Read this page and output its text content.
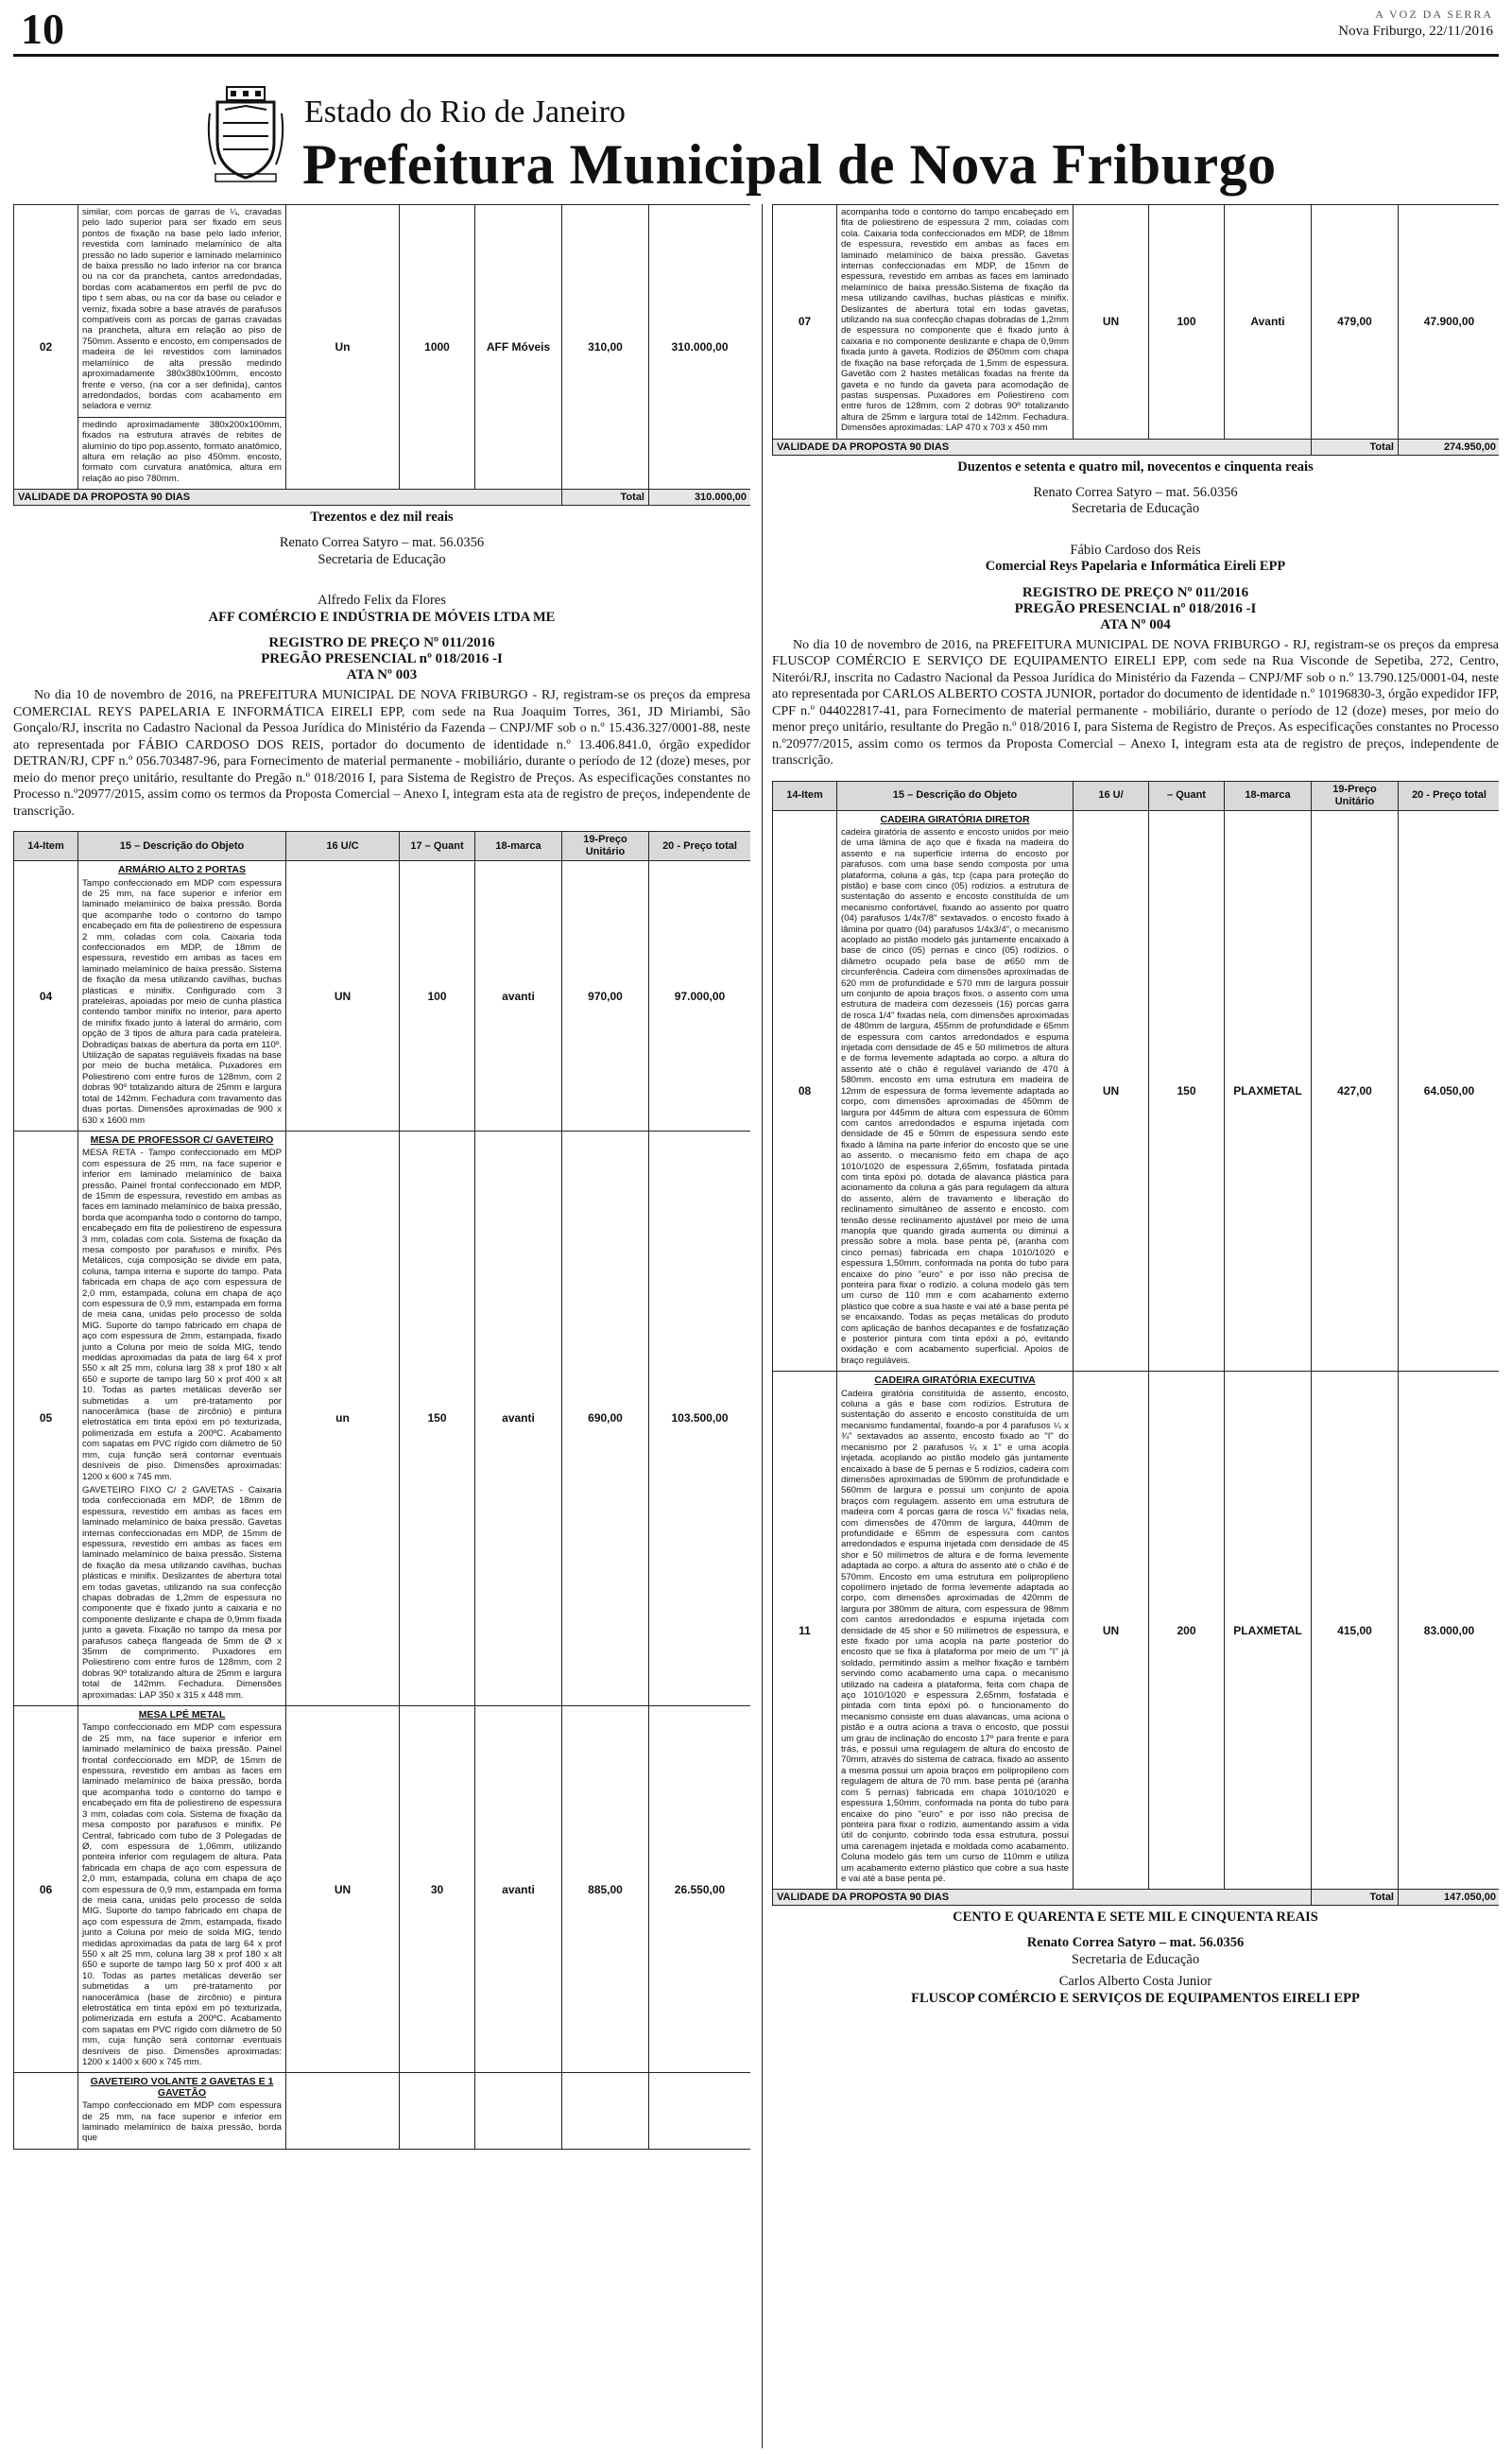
10	A VOZ DA SERRA
Nova Friburgo, 22/11/2016
Estado do Rio de Janeiro
Prefeitura Municipal de Nova Friburgo
02	similar, com porcas de garras de ¼, cravadas pelo lado superior para ser fixado em seus pontos de fixação na base pelo lado inferior, revestida com laminado melamínico de alta pressão no lado superior e laminado melamínico de baixa pressão no lado inferior na cor branca ou na cor da prancheta, cantos arredondadas, bordas com acabamentos em perfil de pvc do tipo t sem abas, ou na cor da base ou celador e verniz, fixada sobre a base através de parafusos compatíveis com as porcas de garras cravadas na prancheta, altura em relação ao piso de 750mm. Assento e encosto, em compensados de madeira de lei revestidos com laminados melamínico de alta pressão medindo aproximadamente 380x380x100mm, encosto frente e verso, (na cor a ser definida), cantos arredondados, bordas com acabamento em seladora e verniz	Un	1000	AFF Móveis	310,00	310.000,00

	medindo aproximadamente 380x200x100mm, fixados na estrutura através de rebites de alumínio do tipo pop.assento, formato anatômico, altura em relação ao piso 450mm. encosto, formato com curvatura anatômica, altura em relação ao piso 780mm.					

VALIDADE DA PROPOSTA 90 DIAS					Total	310.000,00
Trezentos e dez mil reais
Renato Correa Satyro – mat. 56.0356
Secretaria de Educação
Alfredo Felix da Flores
AFF COMÉRCIO E INDÚSTRIA DE MÓVEIS LTDA ME
REGISTRO DE PREÇO Nº 011/2016
PREGÃO PRESENCIAL nº 018/2016 -I
ATA Nº 003

No dia 10 de novembro de 2016, na PREFEITURA MUNICIPAL DE NOVA FRIBURGO - RJ, registram-se os preços da empresa COMERCIAL REYS PAPELARIA E INFORMÁTICA EIRELI EPP, com sede na Rua Joaquim Torres, 361, JD Miriambi, São Gonçalo/RJ, inscrita no Cadastro Nacional da Pessoa Jurídica do Ministério da Fazenda – CNPJ/MF sob o n.º 15.436.327/0001-88, neste ato representada por FÁBIO CARDOSO DOS REIS, portador do documento de identidade n.º 13.406.841.0, órgão expedidor DETRAN/RJ, CPF n.º 056.703487-96, para Fornecimento de material permanente - mobiliário, durante o período de 12 (doze) meses, por meio do menor preço unitário, resultante do Pregão n.º 018/2016 I, para Sistema de Registro de Preços. As especificações constantes no Processo n.º20977/2015, assim como os termos da Proposta Comercial – Anexo I, integram esta ata de registro de preços, independente de transcrição.

14-Item	15 – Descrição do Objeto	16 U/C	17 – Quant	18-marca	19-Preço Unitário	20 - Preço total
04	ARMÁRIO ALTO 2 PORTAS

Tampo confeccionado em MDP com espessura de 25 mm, na face superior e inferior em laminado melamínico de baixa pressão. Borda que acompanhe todo o contorno do tampo encabeçado em fita de poliestireno de espessura 2 mm, coladas com cola. Caixaria toda confeccionados em MDP, de 18mm de espessura, revestido em ambas as faces em laminado melamínico de baixa pressão. Sistema de fixação da mesa utilizando cavilhas, buchas plásticas e minifix. Configurado com 3 prateleiras, apoiadas por meio de cunha plástica contendo tambor minifix no interior, para aperto de minifix fixado junto à lateral do armário, com opção de 3 tipos de altura para cada prateleira. Dobradiças baixas de abertura da porta em 110º. Utilização de sapatas reguláveis fixadas na base por meio de bucha metálica. Puxadores em Poliestireno com entre furos de 128mm, com 2 dobras 90º totalizando altura de 25mm e largura total de 142mm. Fechadura com travamento das duas portas. Dimensões aproximadas de 900 x 630 x 1600 mm	UN	100	avanti	970,00	97.000,00
05	MESA DE PROFESSOR C/ GAVETEIRO

MESA RETA - Tampo confeccionado em MDP com espessura de 25 mm, na face superior e inferior em laminado melamínico de baixa pressão. Painel frontal confeccionado em MDP, de 15mm de espessura, revestido em ambas as faces em laminado melamínico de baixa pressão, borda que acompanha todo o contorno do tampo, encabeçado em fita de poliestireno de espessura 3 mm, coladas com cola. Sistema de fixação da mesa composto por parafusos e minifix. Pés Metálicos, cuja composição se divide em pata, coluna, tampa interna e suporte do tampo. Pata fabricada em chapa de aço com espessura de 2,0 mm, estampada, coluna em chapa de aço com espessura de 0,9 mm, estampada em forma de meia cana, unidas pelo processo de solda MIG. Suporte do tampo fabricado em chapa de aço com espessura de 2mm, estampada, fixado junto a Coluna por meio de solda MIG, tendo medidas aproximadas da pata de larg 64 x prof 550 x alt 25 mm, coluna larg 38 x prof 180 x alt 650 e suporte de tampo larg 50 x prof 400 x alt 10. Todas as partes metálicas deverão ser submetidas a um pré-tratamento por nanocerâmica (base de zircônio) e pintura eletrostática em tinta epóxi em pó texturizada, polimerizada em estufa a 200ºC. Acabamento com sapatas em PVC rígido com diâmetro de 50 mm, cuja função será contornar eventuais desníveis de piso. Dimensões aproximadas: 1200 x 600 x 745 mm.

GAVETEIRO FIXO C/ 2 GAVETAS - Caixaria toda confeccionada em MDP, de 18mm de espessura, revestido em ambas as faces em laminado melamínico de baixa pressão. Gavetas internas confeccionadas em MDP, de 15mm de espessura, revestido em ambas as faces em laminado melamínico de baixa pressão. Sistema de fixação da mesa utilizando cavilhas, buchas plásticas e minifix. Deslizantes de abertura total em todas gavetas, utilizando na sua confecção chapas dobradas de 1,2mm de espessura no componente que é fixado junto a caixaria e no componente deslizante e chapa de 0,9mm fixada junto a gaveta. Fixação no tampo da mesa por parafusos cabeça flangeada de 5mm de Ø x 35mm de comprimento. Puxadores em Poliestireno com entre furos de 128mm, com 2 dobras 90º totalizando altura de 25mm e largura total de 142mm. Fechadura. Dimensões aproximadas: LAP 350 x 315 x 448 mm.	un	150	avanti	690,00	103.500,00
06	MESA LPÉ METAL

Tampo confeccionado em MDP com espessura de 25 mm, na face superior e inferior em laminado melamínico de baixa pressão. Painel frontal confeccionado em MDP, de 15mm de espessura, revestido em ambas as faces em laminado melamínico de baixa pressão, borda que acompanha todo o contorno do tampo e encabeçado em fita de poliestireno de espessura 3 mm, coladas com cola. Sistema de fixação da mesa composto por parafusos e minifix. Pé Central, fabricado com tubo de 3 Polegadas de Ø, com espessura de 1,06mm, utilizando ponteira inferior com regulagem de altura. Pata fabricada em chapa de aço com espessura de 2,0 mm, estampada, coluna em chapa de aço com espessura de 0,9 mm, estampada em forma de meia cana, unidas pelo processo de solda MIG. Suporte do tampo fabricado em chapa de aço com espessura de 2mm, estampada, fixado junto a Coluna por meio de solda MIG, tendo medidas aproximadas da pata de larg 64 x prof 550 x alt 25 mm, coluna larg 38 x prof 180 x alt 650 e suporte de tampo larg 50 x prof 400 x alt 10. Todas as partes metálicas deverão ser submetidas a um pré-tratamento por nanocerâmica (base de zircônio) e pintura eletrostática em tinta epóxi em pó texturizada, polimerizada em estufa a 200ºC. Acabamento com sapatas em PVC rígido com diâmetro de 50 mm, cuja função será contornar eventuais desníveis de piso. Dimensões aproximadas: 1200 x 1400 x 600 x 745 mm.	UN	30	avanti	885,00	26.550,00

	GAVETEIRO VOLANTE 2 GAVETAS E 1 GAVETÃO

Tampo confeccionado em MDP com espessura de 25 mm, na face superior e inferior em laminado melamínico de baixa pressão, borda que					

07	acompanha todo o contorno do tampo encabeçado em fita de poliestireno de espessura 2 mm, coladas com cola. Caixaria toda confeccionados em MDP, de 18mm de espessura, revestido em ambas as faces em laminado melamínico de baixa pressão. Gavetas internas confeccionadas em MDP, de 15mm de espessura, revestido em ambas as faces em laminado melamínico de baixa pressão.Sistema de fixação da mesa utilizando cavilhas, buchas plásticas e minifix. Deslizantes de abertura total em todas gavetas, utilizando na sua confecção chapas dobradas de 1,2mm de espessura no componente que é fixado junto à caixaria e no componente deslizante e chapa de 0,9mm fixada junto à gaveta. Rodízios de Ø50mm com chapa de fixação na base reforçada de 1,5mm de espessura. Gavetão com 2 hastes metálicas fixadas na frente da gaveta e no fundo da gaveta para acomodação de pastas suspensas. Puxadores em Poliestireno com entre furos de 128mm, com 2 dobras 90º totalizando altura de 25mm e largura total de 142mm. Fechadura. Dimensões aproximadas: LAP 470 x 703 x 450 mm	UN	100	Avanti	479,00	47.900,00
VALIDADE DA PROPOSTA 90 DIAS					Total	274.950,00
Duzentos e setenta e quatro mil, novecentos e cinquenta reais
Renato Correa Satyro – mat. 56.0356
Secretaria de Educação
Fábio Cardoso dos Reis
Comercial Reys Papelaria e Informática Eireli EPP
REGISTRO DE PREÇO Nº 011/2016
PREGÃO PRESENCIAL nº 018/2016 -I
ATA Nº 004

No dia 10 de novembro de 2016, na PREFEITURA MUNICIPAL DE NOVA FRIBURGO - RJ, registram-se os preços da empresa FLUSCOP COMÉRCIO E SERVIÇO DE EQUIPAMENTO EIRELI EPP, com sede na Rua Visconde de Sepetiba, 272, Centro, Niterói/RJ, inscrita no Cadastro Nacional da Pessoa Jurídica do Ministério da Fazenda – CNPJ/MF sob o n.º 13.790.125/0001-04, neste ato representada por CARLOS ALBERTO COSTA JUNIOR, portador do documento de identidade n.º 10196830-3, órgão expedidor IFP, CPF n.º 044022817-41, para Fornecimento de material permanente - mobiliário, durante o período de 12 (doze) meses, por meio do menor preço unitário, resultante do Pregão n.º 018/2016 I, para Sistema de Registro de Preços. As especificações constantes no Processo n.º20977/2015, assim como os termos da Proposta Comercial – Anexo I, integram esta ata de registro de preços, independente de transcrição.

14-Item	15 – Descrição do Objeto	16 U/	– Quant	18-marca	19-Preço Unitário	20 - Preço total
08	CADEIRA GIRATÓRIA DIRETOR

cadeira giratória de assento e encosto unidos por meio de uma lâmina de aço que é fixada na madeira do assento e na superfície interna do encosto por parafusos. com uma base sendo composta por uma plataforma, coluna a gás, tcp (capa para proteção do pistão) e base com cinco (05) rodízios. a estrutura de sustentação do assento e encosto constituída de um mecanismo confortável, fixando ao assento por quatro (04) parafusos 1/4x7/8" sextavados. o encosto fixado à lâmina por quatro (04) parafusos 1/4x3/4", o mecanismo acoplado ao pistão modelo gás juntamente encaixado à base de cinco (05) pernas e cinco (05) rodízios. o diâmetro ocupado pela base de ø650 mm de circunferência. Cadeira com dimensões aproximadas de 620 mm de profundidade e 570 mm de largura possuir um conjunto de apoia braços fixos. o assento com uma estrutura de madeira com dezesseis (16) porcas garra de rosca 1/4" fixadas nela, com dimensões aproximadas de 480mm de largura, 455mm de profundidade e 65mm de espessura com cantos arredondados e espuma injetada com densidade de 45 e 50 milímetros de altura e de forma levemente adaptada ao corpo. a altura do assento até o chão é regulável variando de 470 à 580mm. encosto em uma estrutura em madeira de 12mm de espessura de forma levemente adaptada ao corpo, com dimensões aproximadas de 450mm de largura por 445mm de altura com espessura de 60mm com cantos arredondados e espuma injetada com densidade de 45 e 50mm de espessura sendo este fixado à lâmina na parte inferior do encosto que se une ao assento. o mecanismo feito em chapa de aço 1010/1020 de espessura 2,65mm, fosfatada pintada com tinta epóxi pó. dotada de alavanca plástica para acionamento da coluna a gás para regulagem da altura do assento, além de travamento e liberação do reclinamento simultâneo de assento e encosto. com tensão desse reclinamento ajustável por meio de uma manopla que quando girada aumenta ou diminui a pressão sobre a mola. base penta pé, (aranha com cinco pernas) fabricada em chapa 1010/1020 e espessura 1,50mm, conformada na ponta do tubo para encaixe do pino "euro" e por isso não precisa de ponteira para fixar o rodízio. a coluna modelo gás tem um curso de 110 mm e com acabamento externo plástico que cobre a sua haste e vai até a base penta pé se encaixando. Todas as peças metálicas do produto com aplicação de banhos decapantes e de fosfatização e posterior pintura com tinta epóxi a pó, evitando oxidação e com acabamento superficial. Apoios de braço reguláveis.	UN	150	PLAXMETAL	427,00	64.050,00
11	CADEIRA GIRATÓRIA EXECUTIVA

Cadeira giratória constituída de assento, encosto, coluna a gás e base com rodízios. Estrutura de sustentação do assento e encosto constituída de um mecanismo fundamental, fixando-a por 4 parafusos ¼ x ¾" sextavados ao assento, encosto fixado ao "I" do mecanismo por 2 parafusos ¼ x 1" e uma acopla injetada. acoplando ao pistão modelo gás juntamente encaixado à base de 5 pernas e 5 rodízios, cadeira com dimensões aproximadas de 590mm de profundidade e 560mm de largura e possui um conjunto de apoia braços com regulagem. assento em uma estrutura de madeira com 4 porcas garra de rosca ¼" fixadas nela, com dimensões de 470mm de largura, 440mm de profundidade e 65mm de espessura com cantos arredondados e espuma injetada com densidade de 45 shor e 50 milímetros de altura e de forma levemente adaptada ao corpo. a altura do assento até o chão é de 570mm. Encosto em uma estrutura em polipropileno copolímero injetado de forma levemente adaptada ao corpo, com dimensões aproximadas de 420mm de largura por 380mm de altura, com espessura de 98mm com cantos arredondados e espuma injetada com densidade de 45 shor e 50 milímetros de espessura, e este fixado por uma acopla na parte posterior do encosto que se fixa à plataforma por meio de um "I" já soldado, permitindo assim a melhor fixação e também servindo como acabamento uma capa. o mecanismo utilizado na cadeira a plataforma, feita com chapa de aço 1010/1020 e espessura 2,65mm, fosfatada e pintada com tinta epóxi pó. o funcionamento do mecanismo consiste em duas alavancas, uma aciona o pistão e a outra aciona a trava o encosto, que possui um grau de inclinação do encosto 17º para frente e para trás, e possui uma regulagem de altura do encosto de 70mm, através do sistema de catraca. fixado ao assento a mesma possui um apoia braços em polipropileno com regulagem de altura de 70 mm. base penta pé (aranha com 5 pernas) fabricada em chapa 1010/1020 e espessura 1,50mm, conformada na ponta do tubo para encaixe do pino "euro" e por isso não precisa de ponteira para fixar o rodízio, aumentando assim a vida útil do conjunto. cobrindo toda essa estrutura, possui uma carenagem injetada e moldada como acabamento. Coluna modelo gás tem um curso de 110mm e utiliza um acabamento externo plástico que cobre a sua haste e vai até a base penta pé.	UN	200	PLAXMETAL	415,00	83.000,00
VALIDADE DA PROPOSTA 90 DIAS					Total	147.050,00
CENTO E QUARENTA E SETE MIL E CINQUENTA REAIS
Renato Correa Satyro – mat. 56.0356
Secretaria de Educação
Carlos Alberto Costa Junior
FLUSCOP COMÉRCIO E SERVIÇOS DE EQUIPAMENTOS EIRELI EPP
